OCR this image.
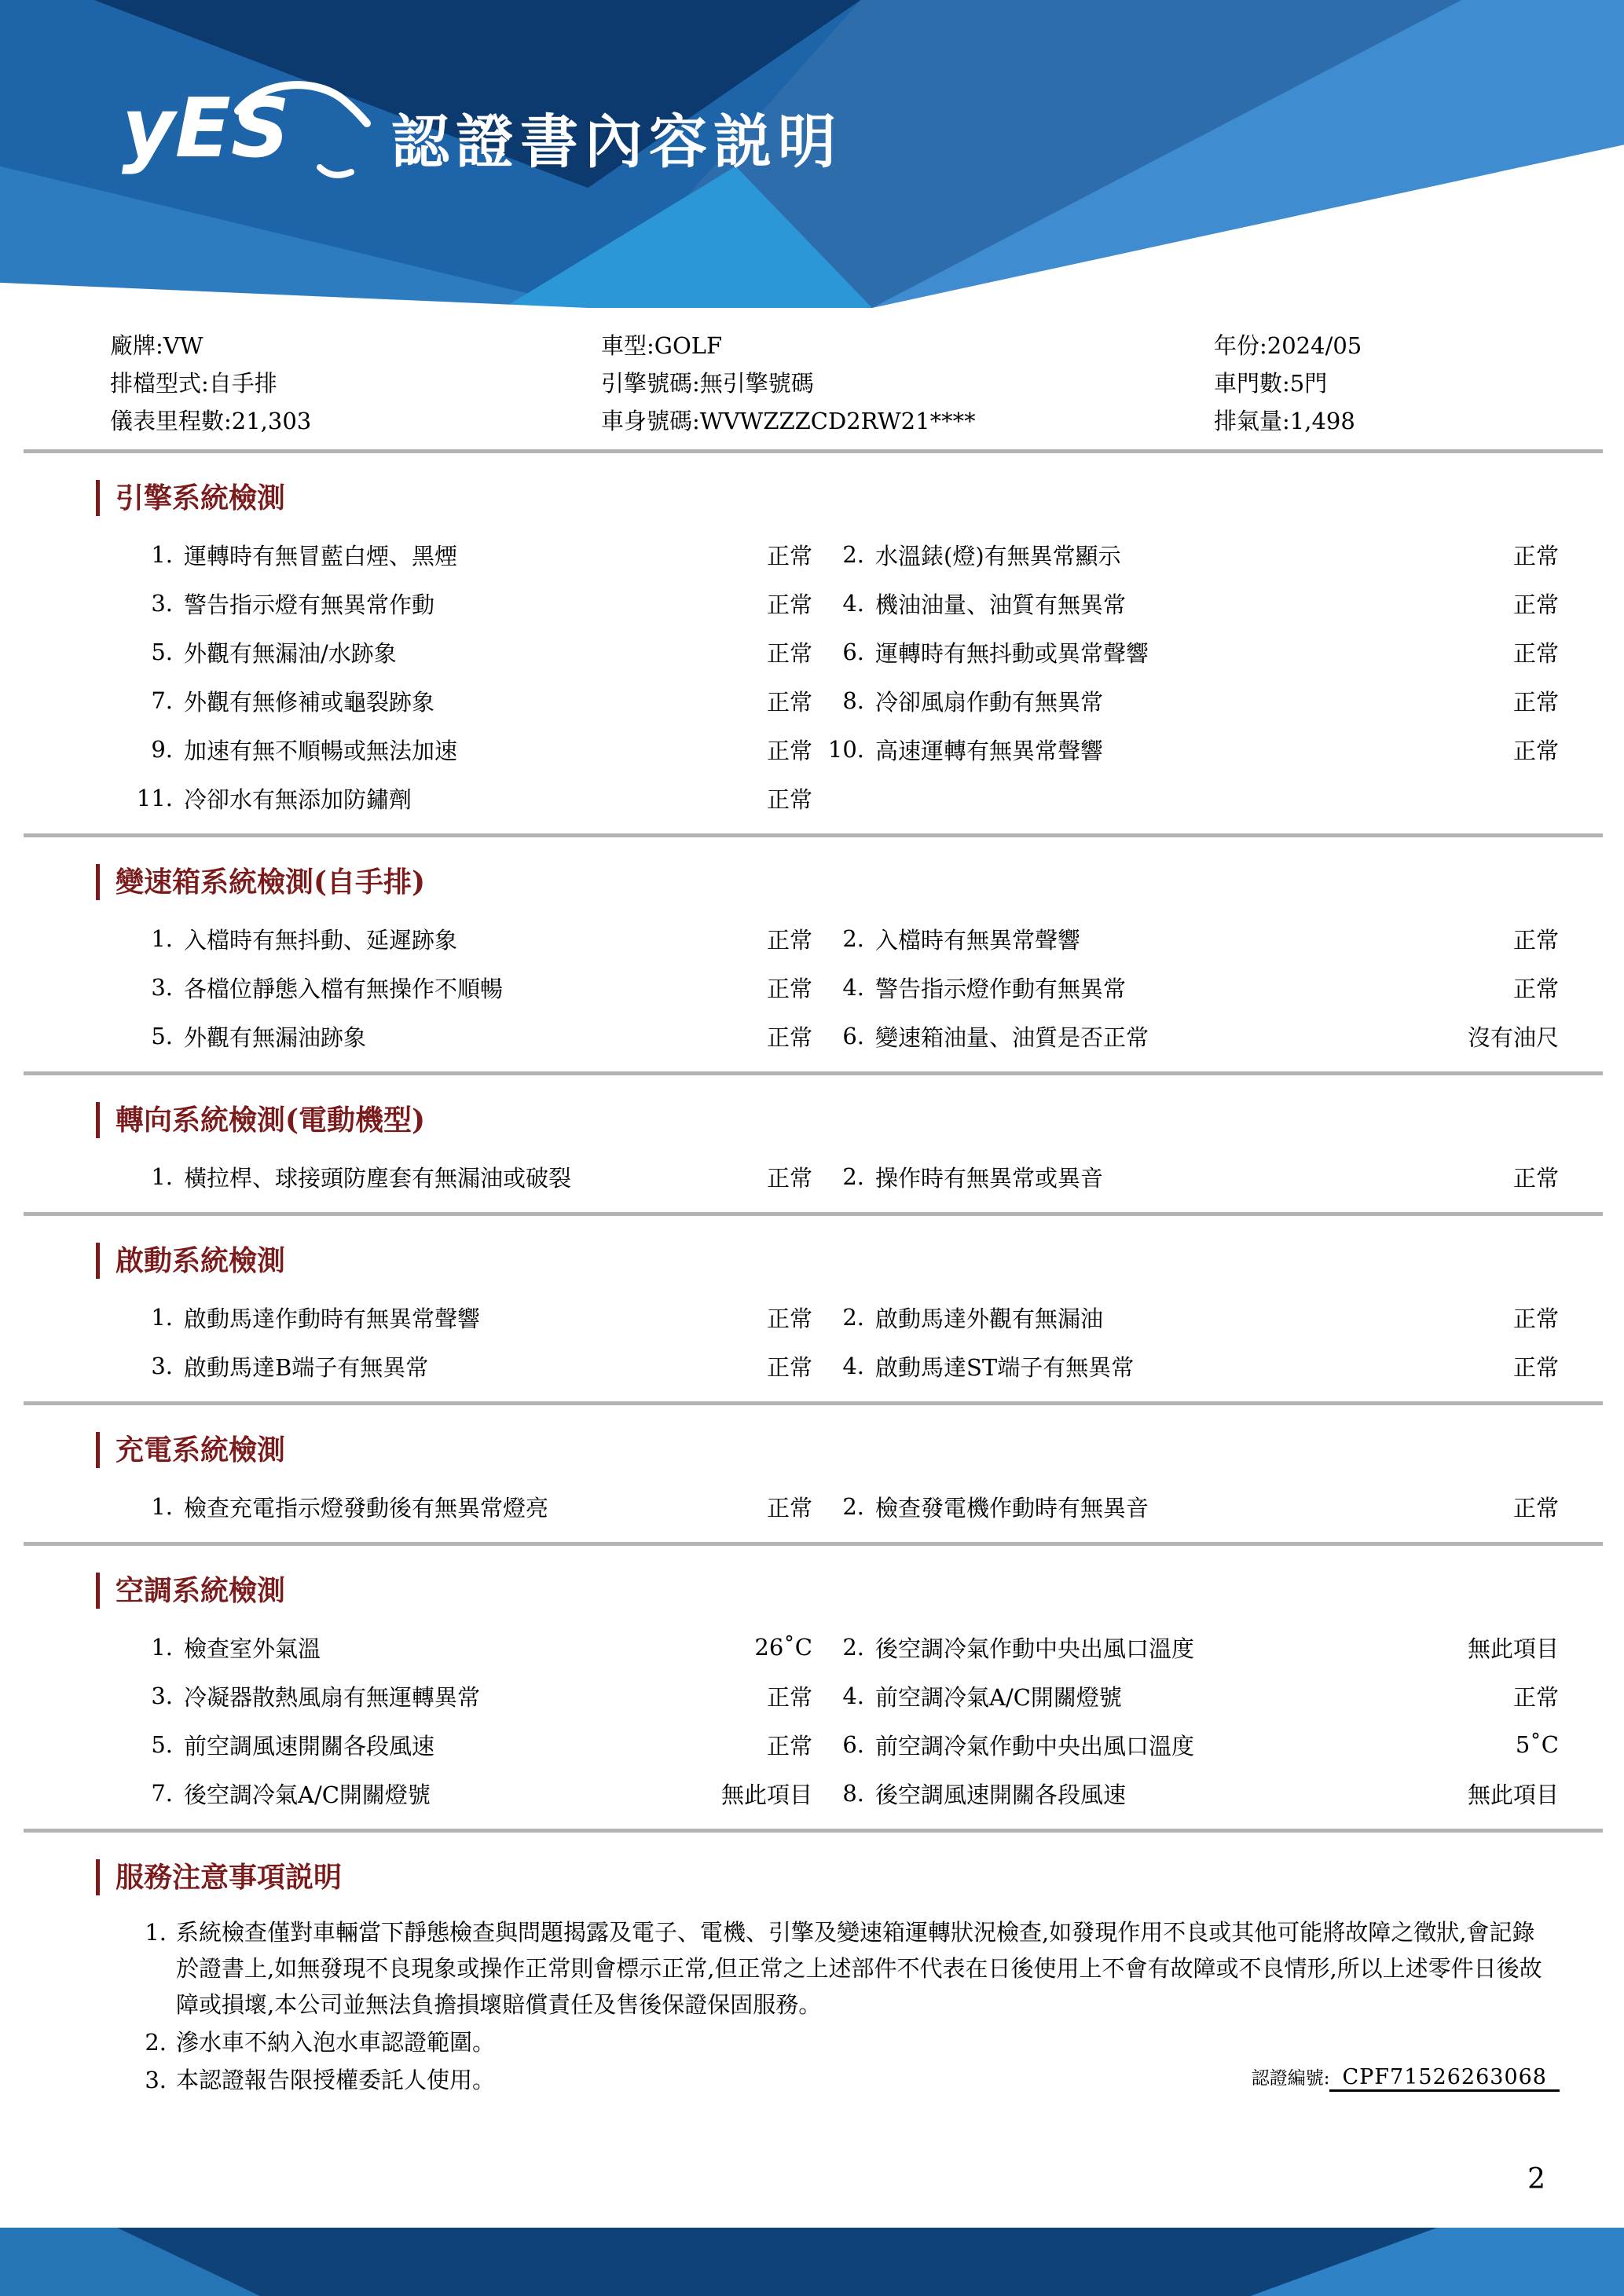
yES 認證書內容説明
廠牌:VW	車型:GOLF	年份:2024/05
排檔型式:自手排	引擎號碼:無引擎號碼	車門數:5門
儀表里程數:21,303	車身號碼:WVWZZZCD2RW21****	排氣量:1,498
引擎系統檢測
1. 運轉時有無冒藍白煙、黑煙	正常	2. 水溫錶(燈)有無異常顯示	正常
3. 警告指示燈有無異常作動	正常	4. 機油油量、油質有無異常	正常
5. 外觀有無漏油/水跡象	正常	6. 運轉時有無抖動或異常聲響	正常
7. 外觀有無修補或龜裂跡象	正常	8. 冷卻風扇作動有無異常	正常
9. 加速有無不順暢或無法加速	正常 10. 高速運轉有無異常聲響	正常
11. 冷卻水有無添加防鏽劑	正常
變速箱系統檢測(自手排)
1. 入檔時有無抖動、延遲跡象	正常	2. 入檔時有無異常聲響	正常
3. 各檔位靜態入檔有無操作不順暢	正常	4. 警告指示燈作動有無異常	正常
5. 外觀有無漏油跡象	正常	6. 變速箱油量、油質是否正常	沒有油尺
轉向系統檢測(電動機型)
1. 橫拉桿、球接頭防塵套有無漏油或破裂	正常	2. 操作時有無異常或異音	正常
啟動系統檢測
1. 啟動馬達作動時有無異常聲響	正常	2. 啟動馬達外觀有無漏油	正常
3. 啟動馬達B端子有無異常	正常	4. 啟動馬達ST端子有無異常	正常
充電系統檢測
1. 檢查充電指示燈發動後有無異常燈亮	正常	2. 檢查發電機作動時有無異音	正常
空調系統檢測
1. 檢查室外氣溫	26˚C	2. 後空調冷氣作動中央出風口溫度	無此項目
3. 冷凝器散熱風扇有無運轉異常	正常	4. 前空調冷氣A/C開關燈號	正常
5. 前空調風速開關各段風速	正常	6. 前空調冷氣作動中央出風口溫度	5˚C
7. 後空調冷氣A/C開關燈號	無此項目	8. 後空調風速開關各段風速	無此項目
服務注意事項説明
1. 系統檢查僅對車輛當下靜態檢查與問題揭露及電子、電機、引擎及變速箱運轉狀況檢查,如發現作用不良或其他可能將故障之徵狀,會記錄於證書上,如無發現不良現象或操作正常則會標示正常,但正常之上述部件不代表在日後使用上不會有故障或不良情形,所以上述零件日後故障或損壞,本公司並無法負擔損壞賠償責任及售後保證保固服務。
2. 滲水車不納入泡水車認證範圍。
3. 本認證報告限授權委託人使用。	認證編號: CPF71526263068
2
